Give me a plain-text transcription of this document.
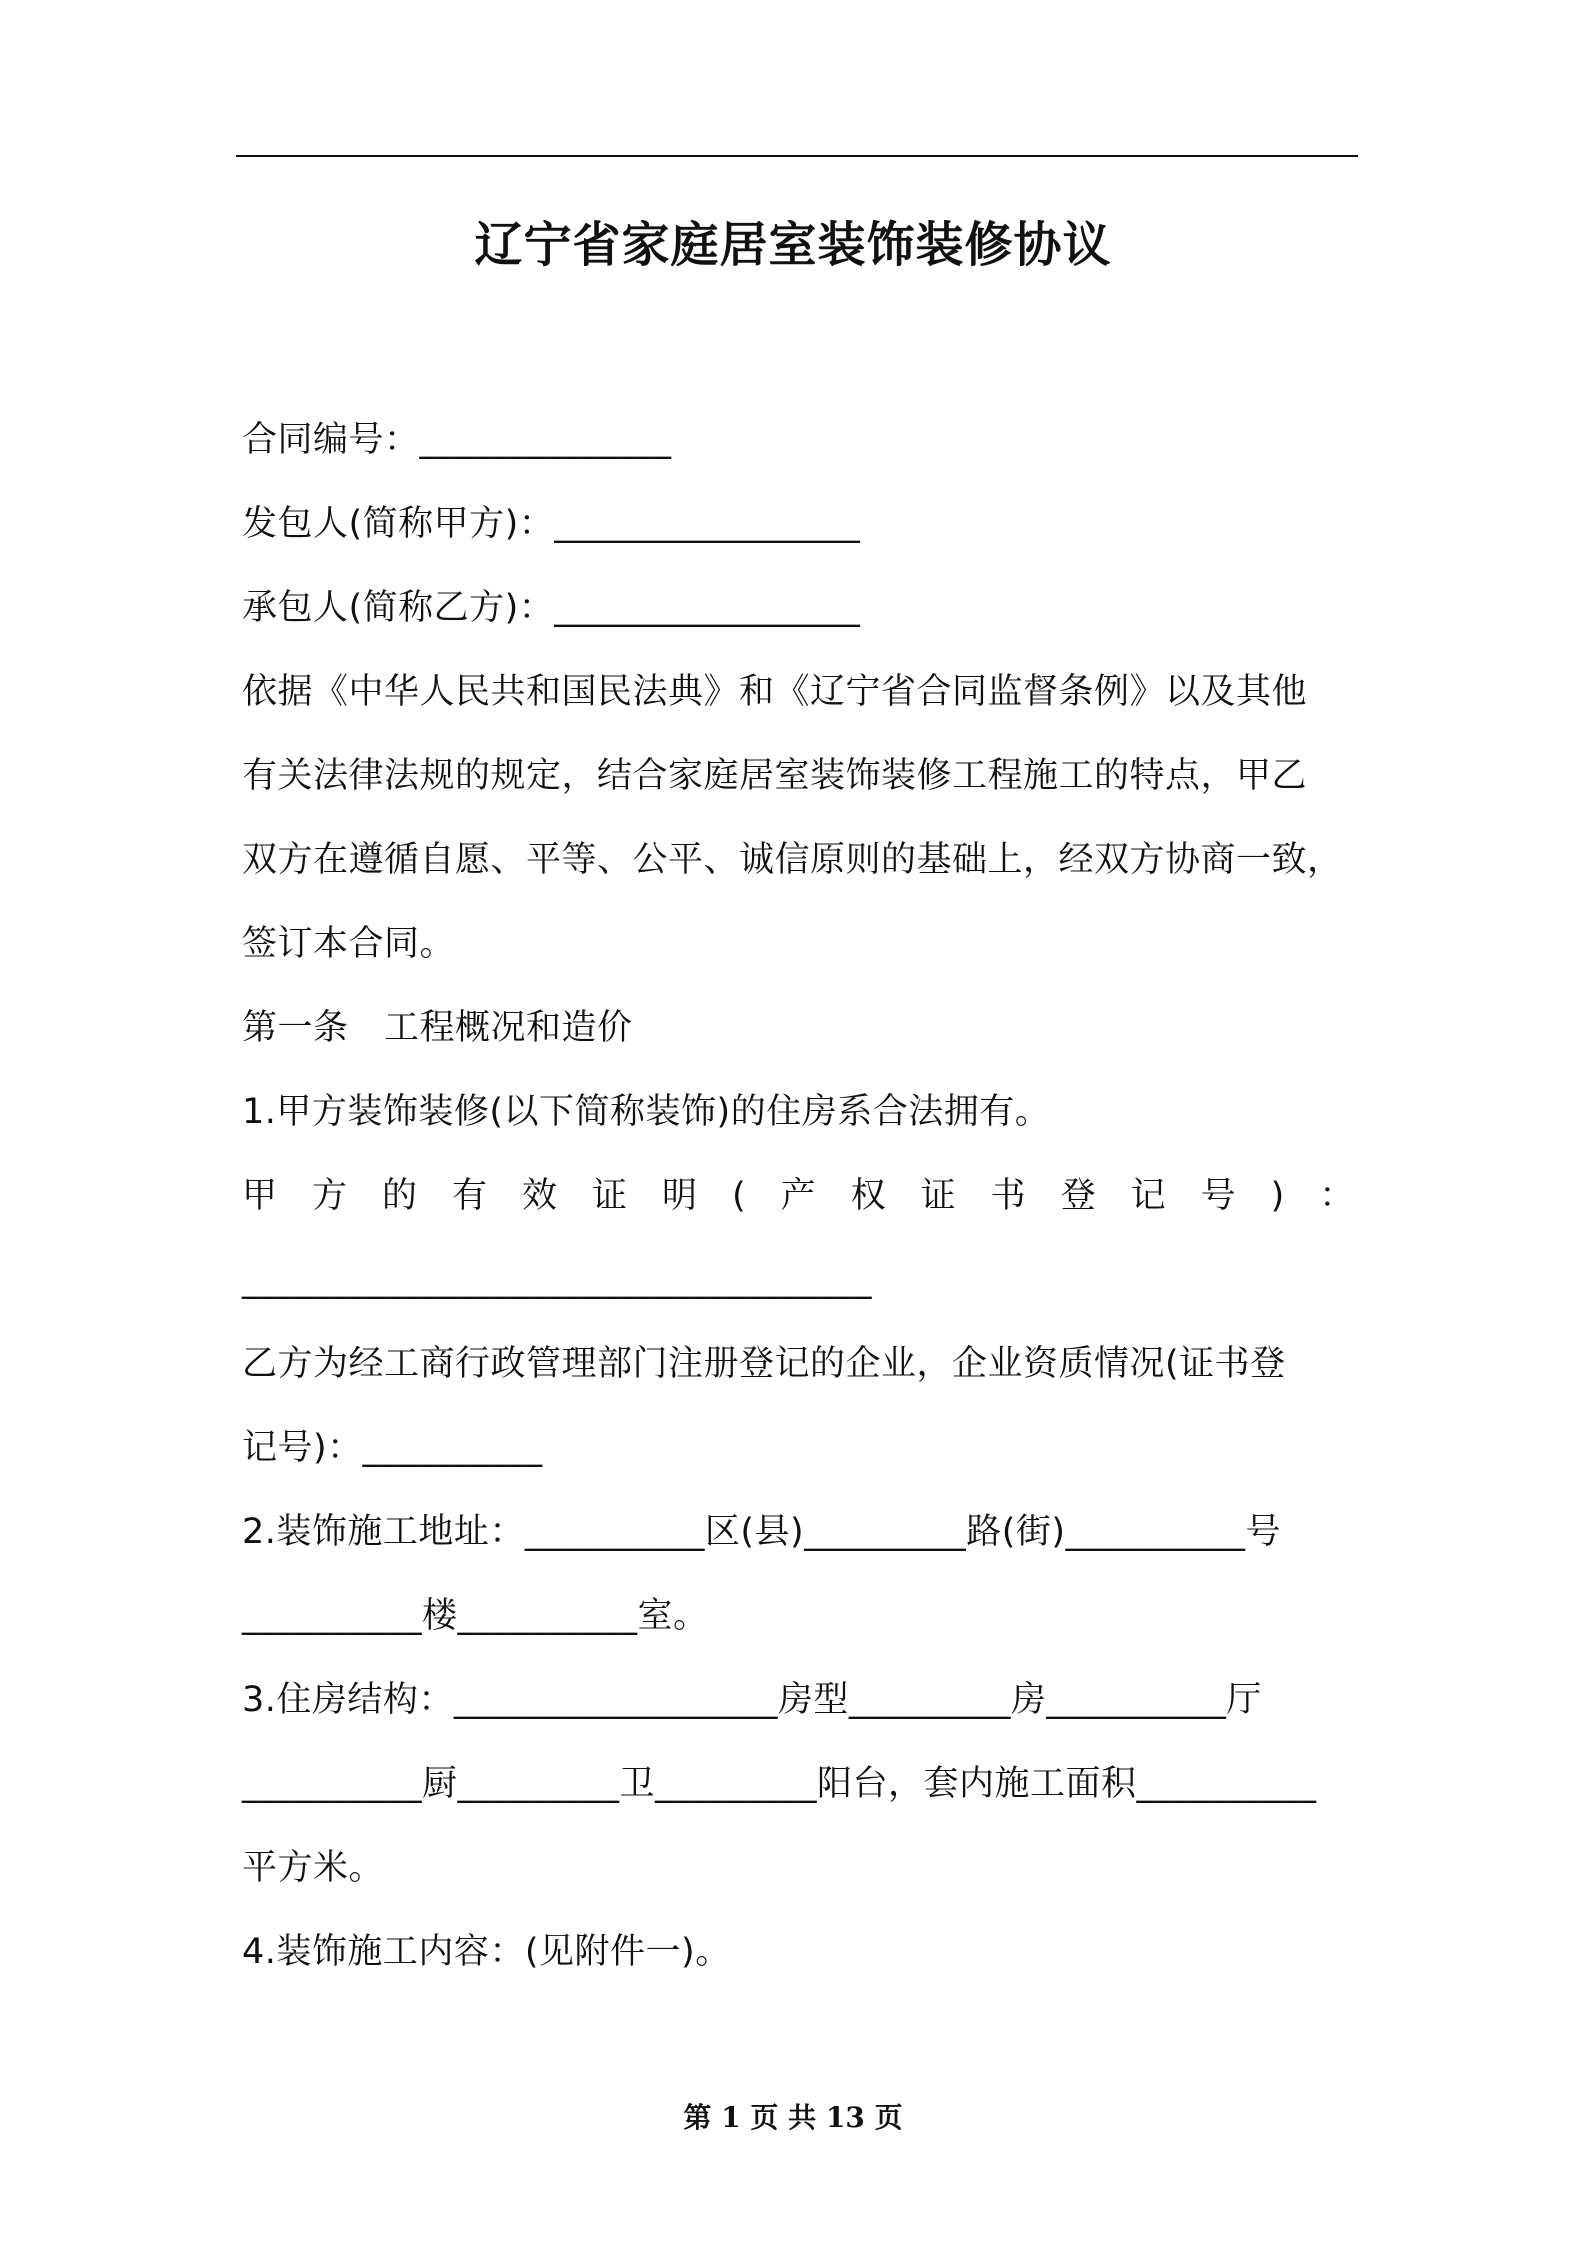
辽宁省家庭居室装饰装修协议
合同编号：______________
发包人(简称甲方)：_________________
承包人(简称乙方)：_________________
依据《中华人民共和国民法典》和《辽宁省合同监督条例》以及其他
有关法律法规的规定，结合家庭居室装饰装修工程施工的特点，甲乙
双方在遵循自愿、平等、公平、诚信原则的基础上，经双方协商一致，
签订本合同。
第一条　工程概况和造价
1.甲方装饰装修(以下简称装饰)的住房系合法拥有。
甲 方 的 有 效 证 明 ( 产 权 证 书 登 记 号 ) ：
___________________________________
乙方为经工商行政管理部门注册登记的企业，企业资质情况(证书登
记号)：__________
2.装饰施工地址：__________区(县)_________路(街)__________号
__________楼__________室。
3.住房结构：__________________房型_________房__________厅
__________厨_________卫_________阳台，套内施工面积__________
平方米。
4.装饰施工内容：(见附件一)。
第 1 页 共 13 页
